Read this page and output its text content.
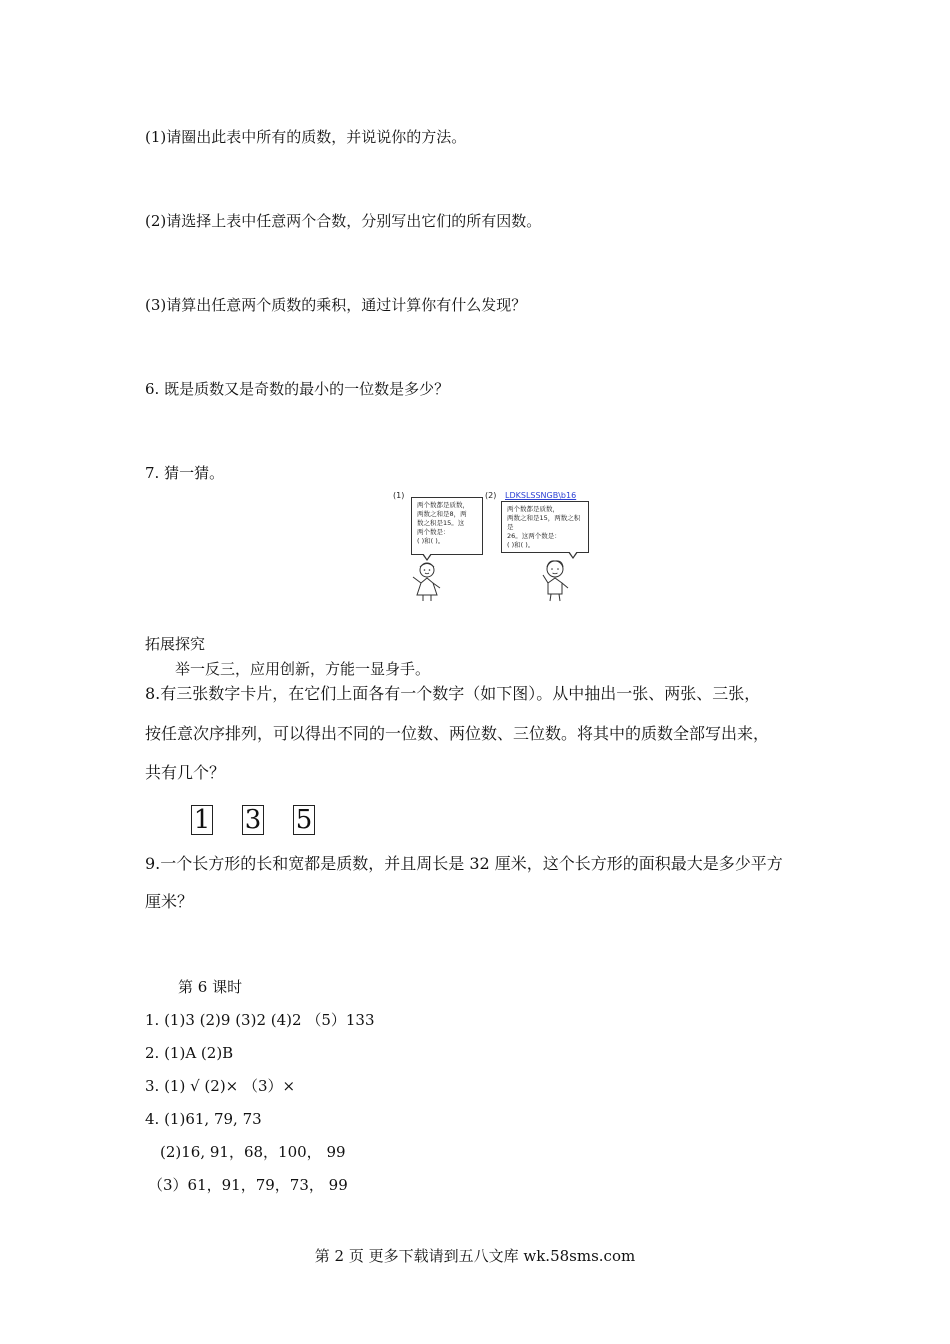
(1)请圈出此表中所有的质数，并说说你的方法。
(2)请选择上表中任意两个合数，分别写出它们的所有因数。
(3)请算出任意两个质数的乘积，通过计算你有什么发现？
6. 既是质数又是奇数的最小的一位数是多少？
7. 猜一猜。
(1)	(2) LDKSLSSNGB\b16
两个数都是质数，
两数之和是8，两
数之积是15。这
两个数是：
( )和( )。
两个数都是质数，
两数之和是15，两数之积是
26。这两个数是：
( )和( )。
拓展探究
举一反三，应用创新，方能一显身手。
8.有三张数字卡片，在它们上面各有一个数字（如下图）。从中抽出一张、两张、三张，
按任意次序排列，可以得出不同的一位数、两位数、三位数。将其中的质数全部写出来，
共有几个？
1 3 5
9.一个长方形的长和宽都是质数，并且周长是 32 厘米，这个长方形的面积最大是多少平方
厘米？
第 6 课时
1. (1)3 (2)9 (3)2 (4)2 （5）133
2. (1)A (2)B
3. (1) √ (2)× （3）×
4. (1)61, 79, 73
(2)16, 91，68，100， 99
（3）61，91，79，73， 99
第 2 页 更多下载请到五八文库 wk.58sms.com
